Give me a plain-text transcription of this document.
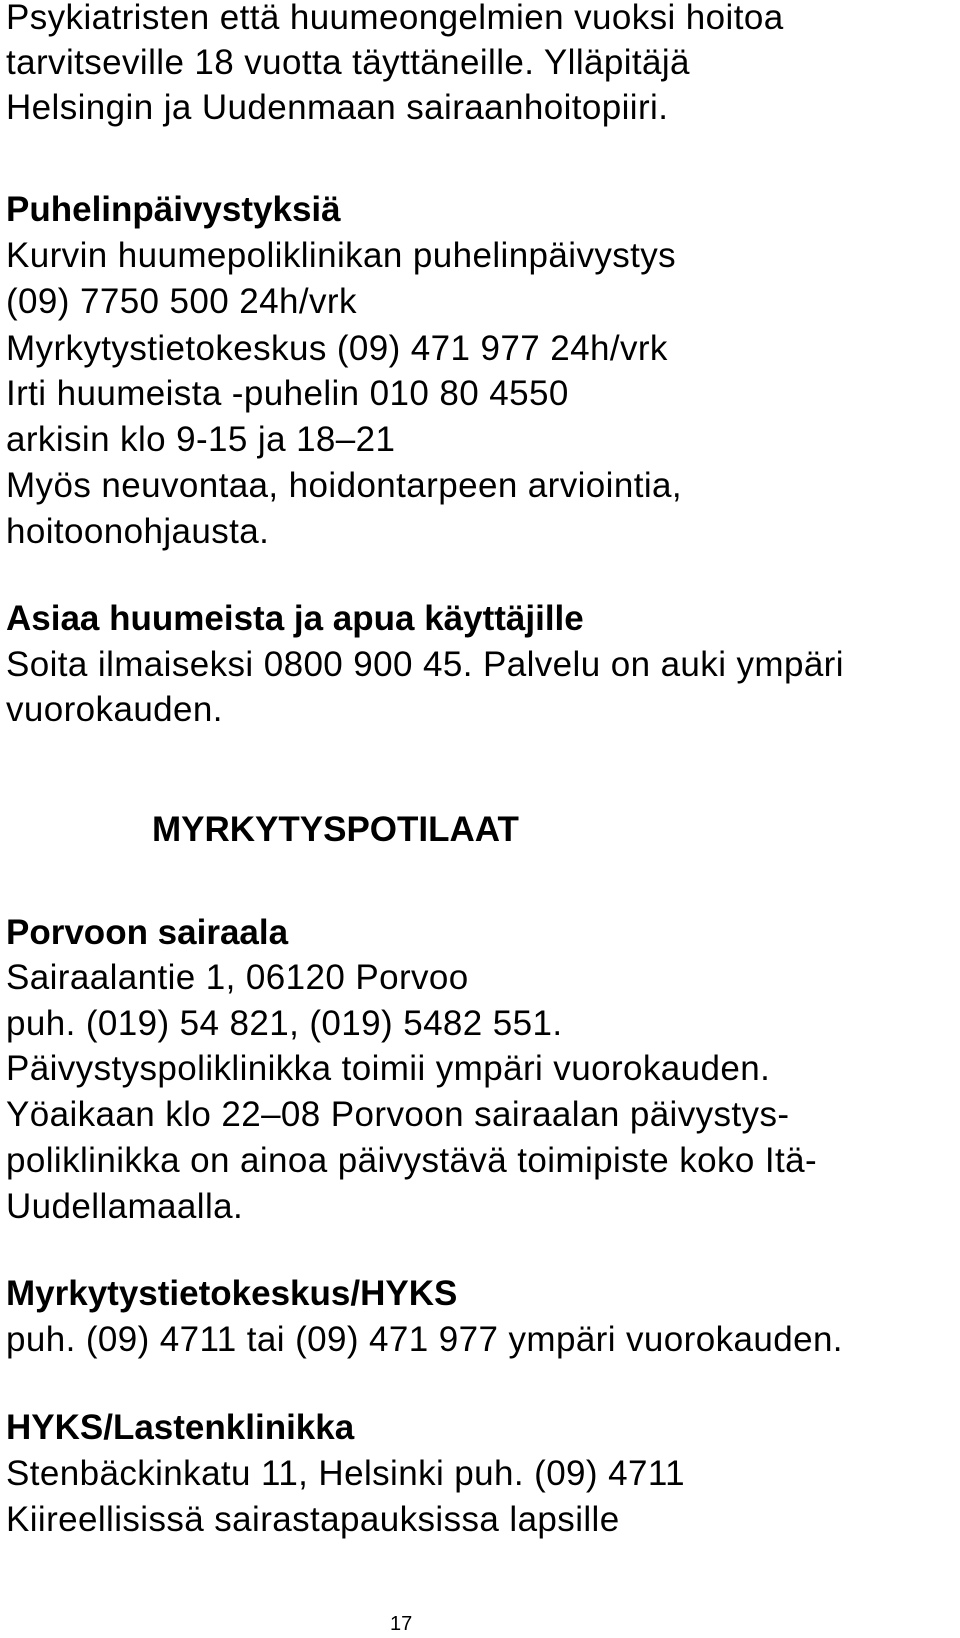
Psykiatristen että huumeongelmien vuoksi hoitoa
tarvitseville 18 vuotta täyttäneille. Ylläpitäjä
Helsingin ja Uudenmaan sairaanhoitopiiri.
Puhelinpäivystyksiä
Kurvin huumepoliklinikan puhelinpäivystys
(09) 7750 500 24h/vrk
Myrkytystietokeskus (09) 471 977 24h/vrk
Irti huumeista -puhelin 010 80 4550
arkisin klo 9-15 ja 18–21
Myös neuvontaa, hoidontarpeen arviointia,
hoitoonohjausta.
Asiaa huumeista ja apua käyttäjille
Soita ilmaiseksi 0800 900 45. Palvelu on auki ympäri
vuorokauden.
MYRKYTYSPOTILAAT
Porvoon sairaala
Sairaalantie 1, 06120 Porvoo
puh. (019) 54 821, (019) 5482 551.
Päivystyspoliklinikka toimii ympäri vuorokauden.
Yöaikaan klo 22–08 Porvoon sairaalan päivystys-
poliklinikka on ainoa päivystävä toimipiste koko Itä-
Uudellamaalla.
Myrkytystietokeskus/HYKS
puh. (09) 4711 tai (09) 471 977 ympäri vuorokauden.
HYKS/Lastenklinikka
Stenbäckinkatu 11, Helsinki puh. (09) 4711
Kiireellisissä sairastapauksissa lapsille
17
